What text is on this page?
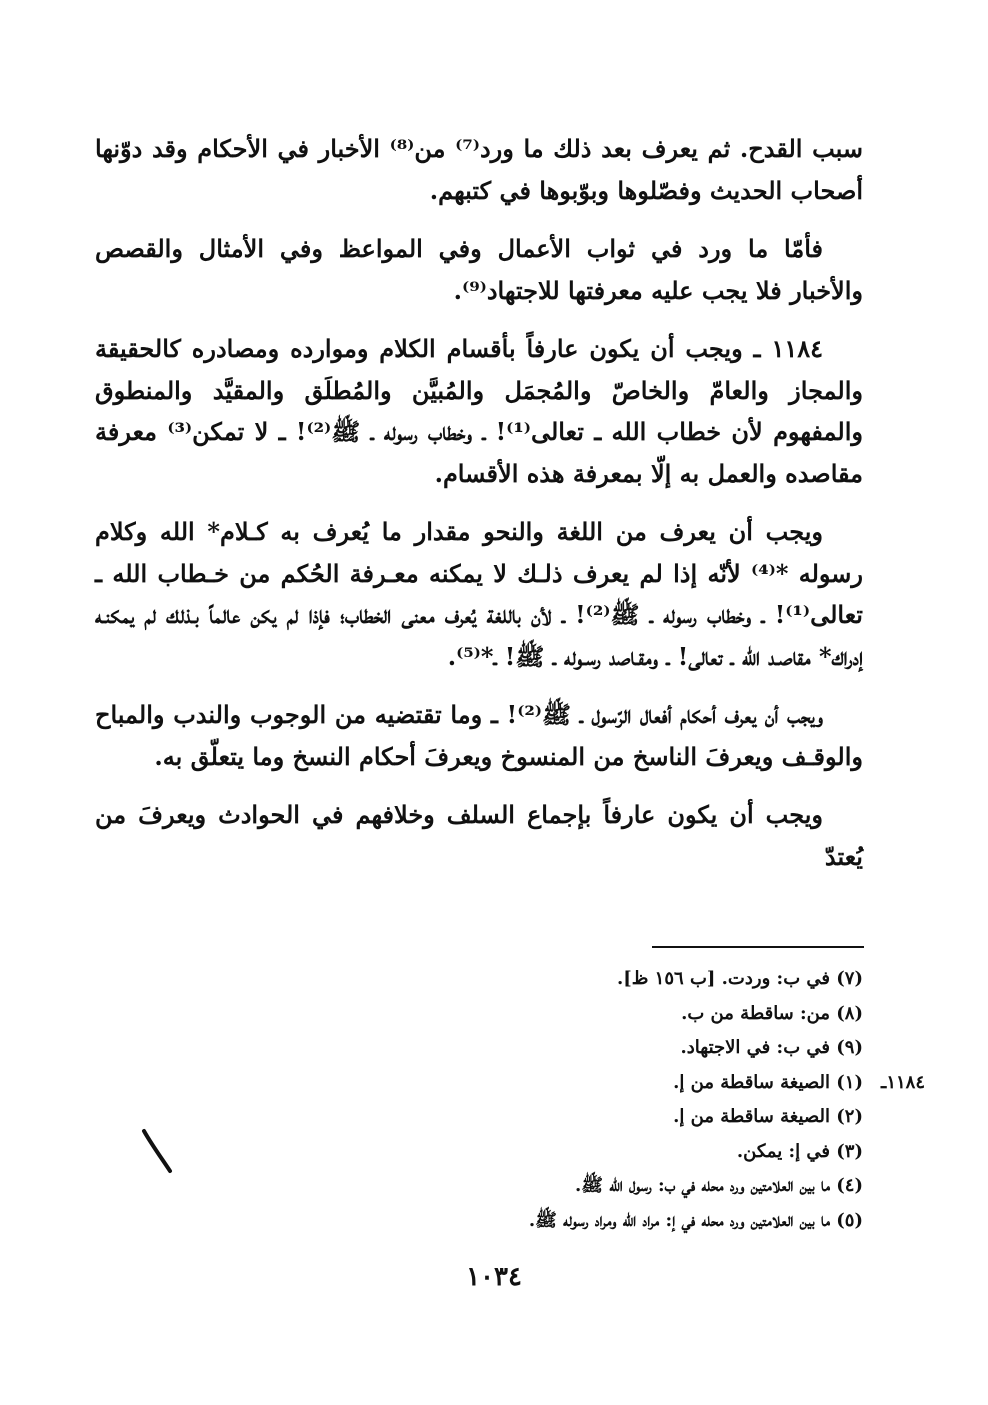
سبب القدح. ثم يعرف بعد ذلك ما ورد⁽⁷⁾ من⁽⁸⁾ الأخبار في الأحكام وقد دوّنها أصحاب الحديث وفصّلوها وبوّبوها في كتبهم.

فأمّا ما ورد في ثواب الأعمال وفي المواعظ وفي الأمثال والقصص والأخبار فلا يجب عليه معرفتها للاجتهاد⁽⁹⁾.

١١٨٤ ـ ويجب أن يكون عارفاً بأقسام الكلام وموارده ومصادره كالحقيقة والمجاز والعامّ والخاصّ والمُجمَل والمُبيَّن والمُطلَق والمقيَّد والمنطوق والمفهوم لأن خطاب الله ـ تعالى⁽¹⁾! ـ وخطاب رسوله ـ ﷺ⁽²⁾! ـ لا تمكن⁽³⁾ معرفة مقاصده والعمل به إلّا بمعرفة هذه الأقسام.

ويجب أن يعرف من اللغة والنحو مقدار ما يُعرف به كـلام* الله وكلام رسوله *⁽⁴⁾ لأنّه إذا لم يعرف ذلـك لا يمكنه معـرفة الحُكم من خـطاب الله ـ تعالى⁽¹⁾! ـ وخطاب رسوله ـ ﷺ⁽²⁾! ـ لأن باللغة يُعرف معنى الخطاب؛ فإذا لم يكن عالماً بـذلك لم يمكنـه إدراك* مقاصـد الله ـ تعالى! ـ ومقـاصد رسـوله ـ ﷺ! ـ*⁽⁵⁾.

ويجب أن يعرف أحكام أفعال الرّسول ـ ﷺ⁽²⁾! ـ وما تقتضيه من الوجوب والندب والمباح والوقـف ويعرفَ الناسخ من المنسوخ ويعرفَ أحكام النسخ وما يتعلّق به.

ويجب أن يكون عارفاً بإجماع السلف وخلافهم في الحوادث ويعرفَ من يُعتدّ

(٧) في ب: وردت. [ب ١٥٦ ظ].
(٨) من: ساقطة من ب.
(٩) في ب: في الاجتهاد.
١١٨٤ـ
(١) الصيغة ساقطة من إ.
(٢) الصيغة ساقطة من إ.
(٣) في إ: يمكن.
(٤) ما بين العلامتين ورد محله في ب: رسول الله ﷺ.
(٥) ما بين العلامتين ورد محله في إ: مراد الله ومراد رسوله ﷺ.
١٠٣٤
